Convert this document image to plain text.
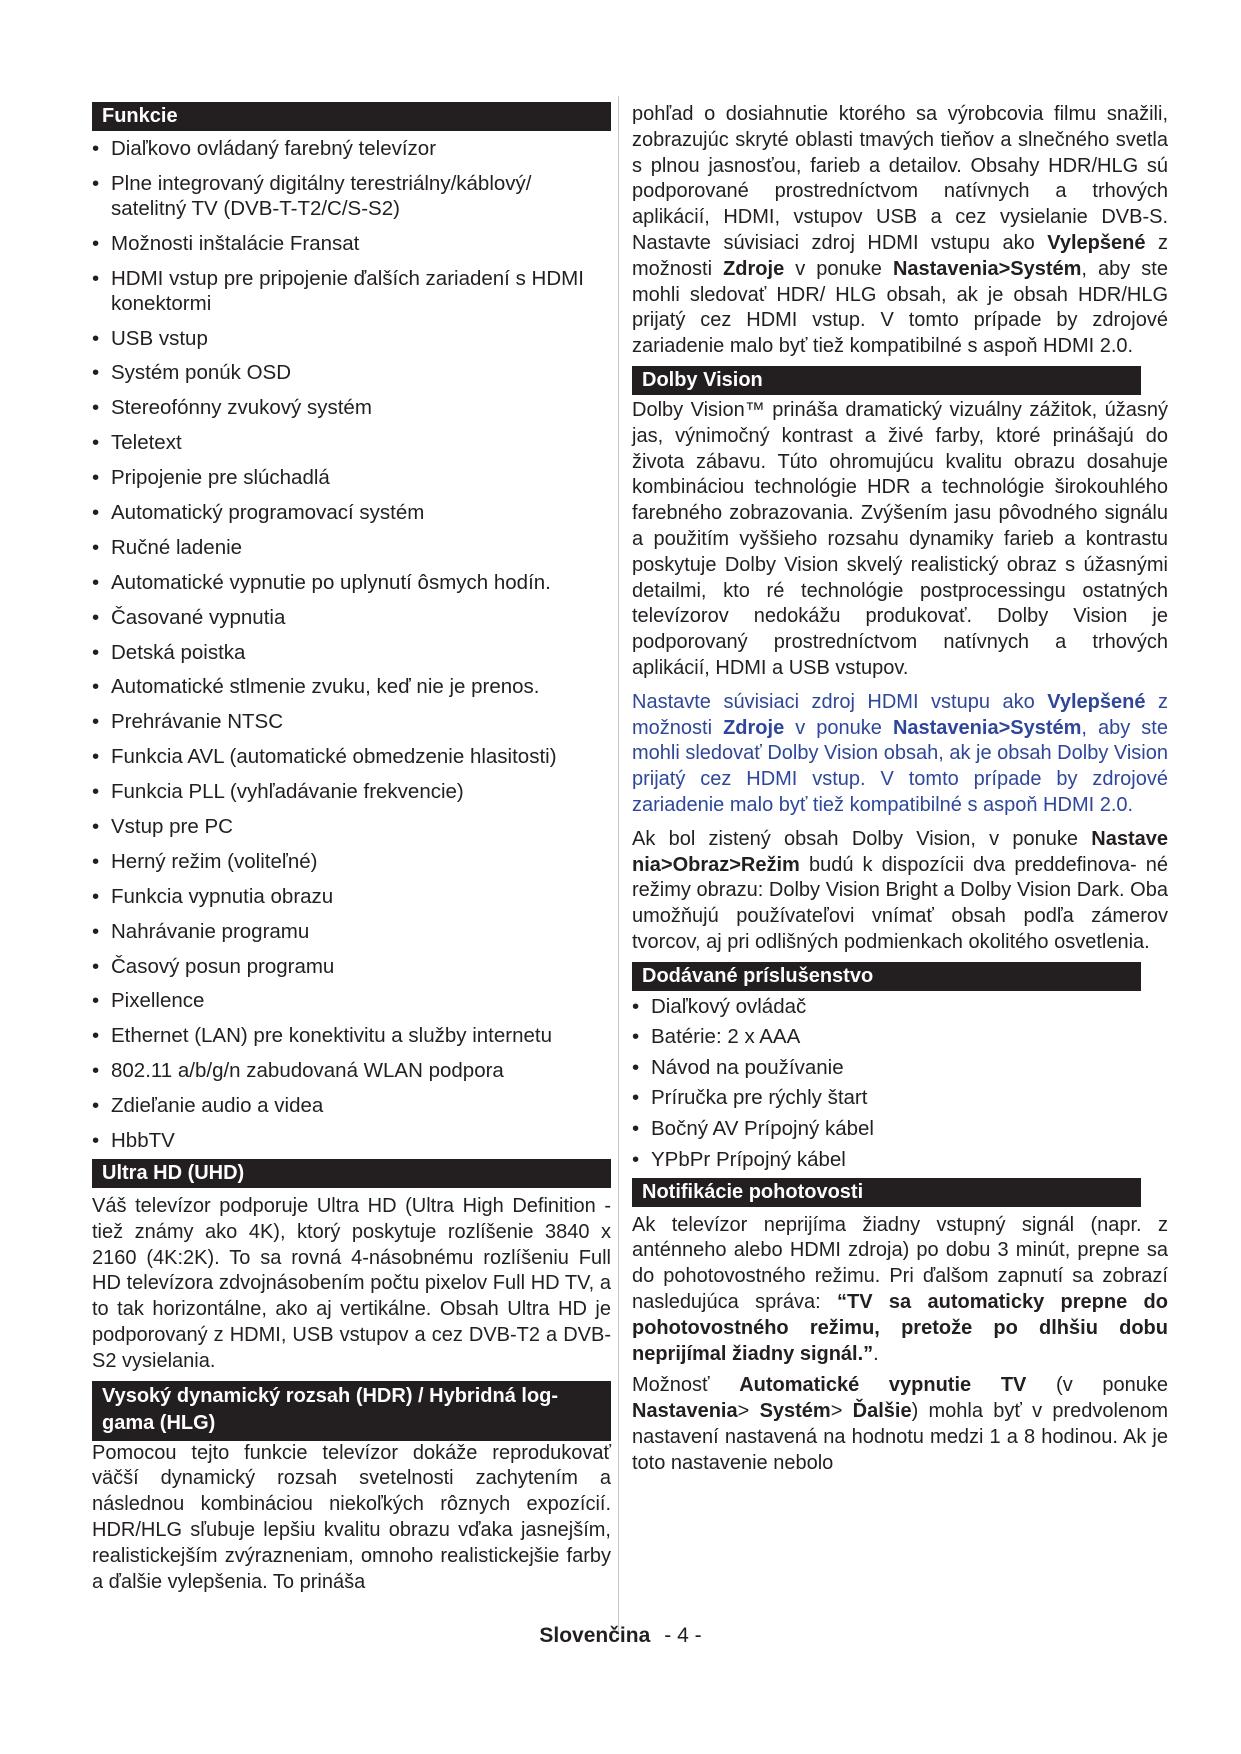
Funkcie
• Diaľkovo ovládaný farebný televízor
• Plne integrovaný digitálny terestriálny/káblový/ satelitný TV (DVB-T-T2/C/S-S2)
• Možnosti inštalácie Fransat
• HDMI vstup pre pripojenie ďalších zariadení s HDMI konektormi
• USB vstup
• Systém ponúk OSD
• Stereofónny zvukový systém
• Teletext
• Pripojenie pre slúchadlá
• Automatický programovací systém
• Ručné ladenie
• Automatické vypnutie po uplynutí ôsmych hodín.
• Časované vypnutia
• Detská poistka
• Automatické stlmenie zvuku, keď nie je prenos.
• Prehrávanie NTSC
• Funkcia AVL (automatické obmedzenie hlasitosti)
• Funkcia PLL (vyhľadávanie frekvencie)
• Vstup pre PC
• Herný režim (voliteľné)
• Funkcia vypnutia obrazu
• Nahrávanie programu
• Časový posun programu
• Pixellence
• Ethernet (LAN) pre konektivitu a služby internetu
• 802.11 a/b/g/n zabudovaná WLAN podpora
• Zdieľanie audio a videa
• HbbTV
Ultra HD (UHD)

Váš televízor podporuje Ultra HD (Ultra High Definition - tiež známy ako 4K), ktorý poskytuje rozlíšenie 3840 x 2160 (4K:2K). To sa rovná 4-násobnému rozlíšeniu Full HD televízora zdvojnásobením počtu pixelov Full HD TV, a to tak horizontálne, ako aj vertikálne. Obsah Ultra HD je podporovaný z HDMI, USB vstupov a cez DVB-T2 a DVB-S2 vysielania.

Vysoký dynamický rozsah (HDR) / Hybridná log-gama (HLG)

Pomocou tejto funkcie televízor dokáže reprodukovať väčší dynamický rozsah svetelnosti zachytením a následnou kombináciou niekoľkých rôznych expozícií. HDR/HLG sľubuje lepšiu kvalitu obrazu vďaka jasnejším, realistickejším zvýrazneniam, omnoho realistickejšie farby a ďalšie vylepšenia. To prináša

pohľad o dosiahnutie ktorého sa výrobcovia filmu snažili, zobrazujúc skryté oblasti tmavých tieňov a slnečného svetla s plnou jasnosťou, farieb a detailov. Obsahy HDR/HLG sú podporované prostredníctvom natívnych a trhových aplikácií, HDMI, vstupov USB a cez vysielanie DVB-S. Nastavte súvisiaci zdroj HDMI vstupu ako Vylepšené z možnosti Zdroje v ponuke Nastavenia>Systém, aby ste mohli sledovať HDR/ HLG obsah, ak je obsah HDR/HLG prijatý cez HDMI vstup. V tomto prípade by zdrojové zariadenie malo byť tiež kompatibilné s aspoň HDMI 2.0.

Dolby Vision

Dolby Vision™ prináša dramatický vizuálny zážitok, úžasný jas, výnimočný kontrast a živé farby, ktoré prinášajú do života zábavu. Túto ohromujúcu kvalitu obrazu dosahuje kombináciou technológie HDR a technológie širokouhlého farebného zobrazovania. Zvýšením jasu pôvodného signálu a použitím vyššieho rozsahu dynamiky farieb a kontrastu poskytuje Dolby Vision skvelý realistický obraz s úžasnými detailmi, kto ré technológie postprocessingu ostatných televízorov nedokážu produkovať. Dolby Vision je podporovaný prostredníctvom natívnych a trhových aplikácií, HDMI a USB vstupov.

Nastavte súvisiaci zdroj HDMI vstupu ako Vylepšené z možnosti Zdroje v ponuke Nastavenia>Systém, aby ste mohli sledovať Dolby Vision obsah, ak je obsah Dolby Vision prijatý cez HDMI vstup. V tomto prípade by zdrojové zariadenie malo byť tiež kompatibilné s aspoň HDMI 2.0.

Ak bol zistený obsah Dolby Vision, v ponuke Nastave nia>Obraz>Režim budú k dispozícii dva preddefinova- né režimy obrazu: Dolby Vision Bright a Dolby Vision Dark. Oba umožňujú používateľovi vnímať obsah podľa zámerov tvorcov, aj pri odlišných podmienkach okolitého osvetlenia.

Dodávané príslušenstvo
• Diaľkový ovládač
• Batérie: 2 x AAA
• Návod na používanie
• Príručka pre rýchly štart
• Bočný AV Prípojný kábel
• YPbPr Prípojný kábel
Notifikácie pohotovosti

Ak televízor neprijíma žiadny vstupný signál (napr. z anténneho alebo HDMI zdroja) po dobu 3 minút, prepne sa do pohotovostného režimu. Pri ďalšom zapnutí sa zobrazí nasledujúca správa: “TV sa automaticky prepne do pohotovostného režimu, pretože po dlhšiu dobu neprijímal žiadny signál.”.

Možnosť Automatické vypnutie TV (v ponuke Nastavenia> Systém> Ďalšie) mohla byť v predvolenom nastavení nastavená na hodnotu medzi 1 a 8 hodinou. Ak je toto nastavenie nebolo

Slovenčina - 4 -
